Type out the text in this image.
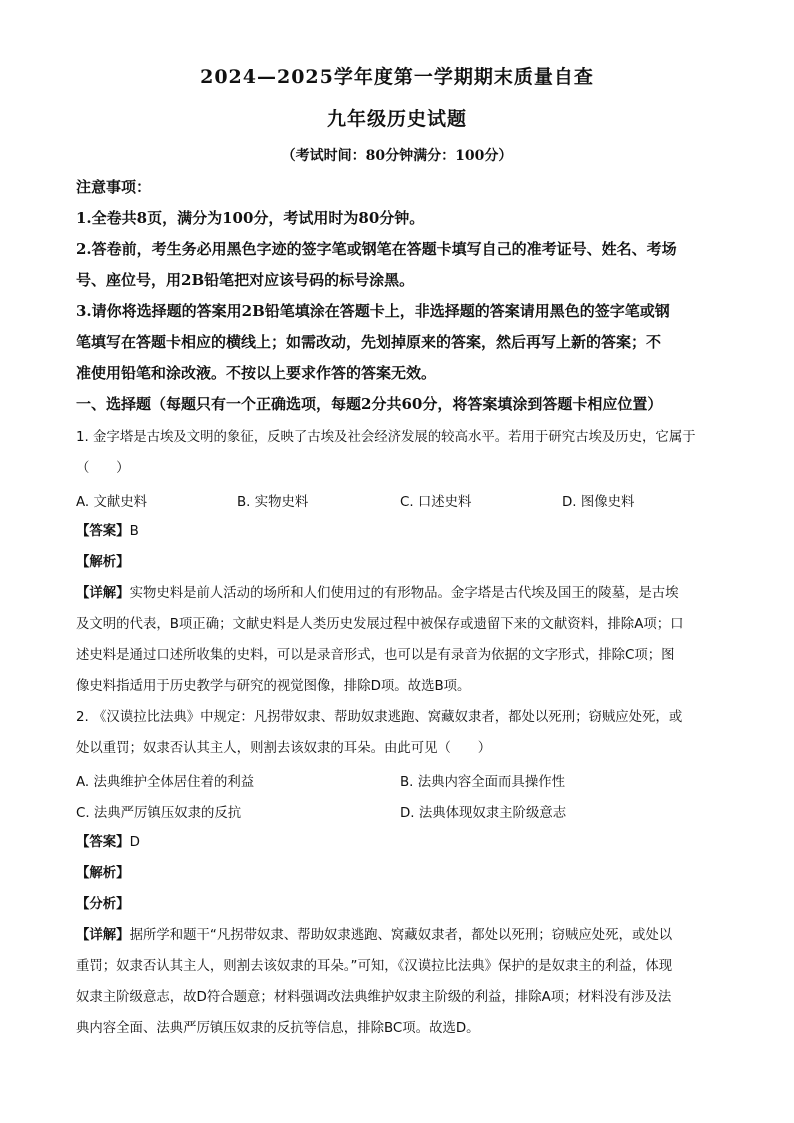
2024—2025学年度第一学期期末质量自查
九年级历史试题
（考试时间：80分钟满分：100分）
注意事项：
1.全卷共8页，满分为100分，考试用时为80分钟。
2.答卷前，考生务必用黑色字迹的签字笔或钢笔在答题卡填写自己的准考证号、姓名、考场
号、座位号，用2B铅笔把对应该号码的标号涂黑。
3.请你将选择题的答案用2B铅笔填涂在答题卡上，非选择题的答案请用黑色的签字笔或钢
笔填写在答题卡相应的横线上；如需改动，先划掉原来的答案，然后再写上新的答案；不
准使用铅笔和涂改液。不按以上要求作答的答案无效。
一、选择题（每题只有一个正确选项，每题2分共60分，将答案填涂到答题卡相应位置）
1. 金字塔是古埃及文明的象征，反映了古埃及社会经济发展的较高水平。若用于研究古埃及历史，它属于
（　　）
A. 文献史料	B. 实物史料	C. 口述史料	D. 图像史料
【答案】B
【解析】
【详解】实物史料是前人活动的场所和人们使用过的有形物品。金字塔是古代埃及国王的陵墓，是古埃
及文明的代表，B项正确；文献史料是人类历史发展过程中被保存或遗留下来的文献资料，排除A项；口
述史料是通过口述所收集的史料，可以是录音形式，也可以是有录音为依据的文字形式，排除C项；图
像史料指适用于历史教学与研究的视觉图像，排除D项。故选B项。
2. 《汉谟拉比法典》中规定：凡拐带奴隶、帮助奴隶逃跑、窝藏奴隶者，都处以死刑；窃贼应处死，或
处以重罚；奴隶否认其主人，则割去该奴隶的耳朵。由此可见（　　）
A. 法典维护全体居住着的利益	B. 法典内容全面而具操作性
C. 法典严厉镇压奴隶的反抗	D. 法典体现奴隶主阶级意志
【答案】D
【解析】
【分析】
【详解】据所学和题干“凡拐带奴隶、帮助奴隶逃跑、窝藏奴隶者，都处以死刑；窃贼应处死，或处以
重罚；奴隶否认其主人，则割去该奴隶的耳朵。”可知，《汉谟拉比法典》保护的是奴隶主的利益，体现
奴隶主阶级意志，故D符合题意；材料强调改法典维护奴隶主阶级的利益，排除A项；材料没有涉及法
典内容全面、法典严厉镇压奴隶的反抗等信息，排除BC项。故选D。
